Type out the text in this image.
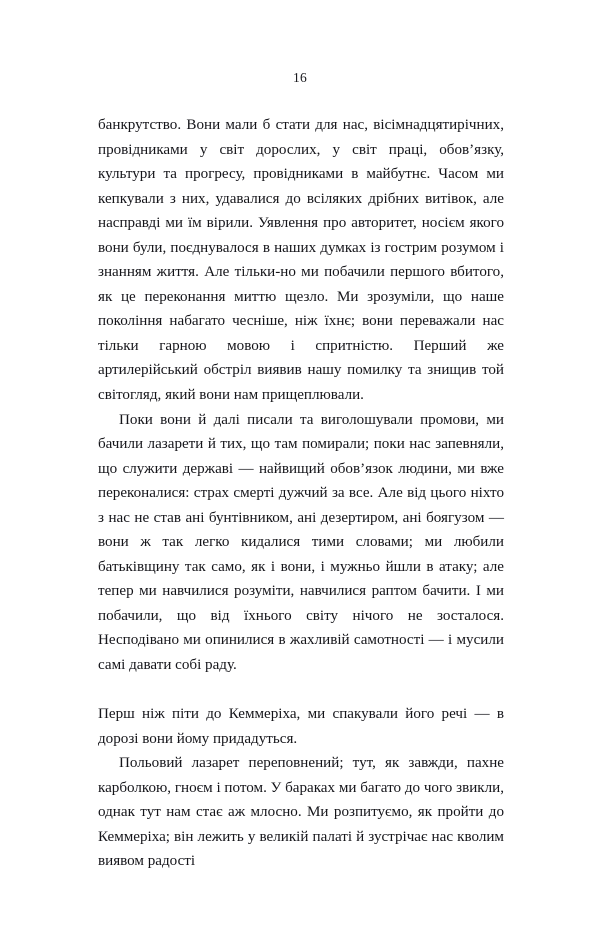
16

банкрутство. Вони мали б стати для нас, вісімнадцятирічних, провідниками у світ дорослих, у світ праці, обов’язку, культури та прогресу, провідниками в майбутнє. Часом ми кепкували з них, удавалися до всіляких дрібних витівок, але насправді ми їм вірили. Уявлення про авторитет, носієм якого вони були, поєднувалося в наших думках із гострим розумом і знанням життя. Але тільки-но ми побачили першого вбитого, як це переконання миттю щезло. Ми зрозуміли, що наше покоління набагато чесніше, ніж їхнє; вони переважали нас тільки гарною мовою і спритністю. Перший же артилерійський обстріл виявив нашу помилку та знищив той світогляд, який вони нам прищеплювали.

Поки вони й далі писали та виголошували промови, ми бачили лазарети й тих, що там помирали; поки нас запевняли, що служити державі — найвищий обов’язок людини, ми вже переконалися: страх смерті дужчий за все. Але від цього ніхто з нас не став ані бунтівником, ані дезертиром, ані боягузом — вони ж так легко кидалися тими словами; ми любили батьківщину так само, як і вони, і мужньо йшли в атаку; але тепер ми навчилися розуміти, навчилися раптом бачити. І ми побачили, що від їхнього світу нічого не зосталося. Несподівано ми опинилися в жахливій самотності — і мусили самі давати собі раду.

Перш ніж піти до Кеммеріха, ми спакували його речі — в дорозі вони йому придадуться.

Польовий лазарет переповнений; тут, як завжди, пахне карболкою, гноєм і потом. У бараках ми багато до чого звикли, однак тут нам стає аж млосно. Ми розпитуємо, як пройти до Кеммеріха; він лежить у великій палаті й зустрічає нас кволим виявом радості
